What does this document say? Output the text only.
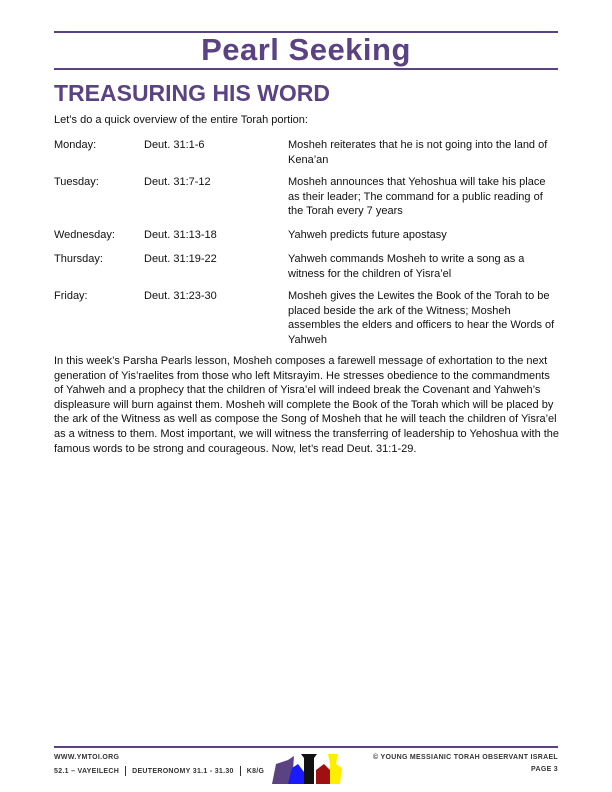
Pearl Seeking
TREASURING HIS WORD
Let’s do a quick overview of the entire Torah portion:
Monday:	Deut. 31:1-6	Mosheh reiterates that he is not going into the land of Kena’an
Tuesday:	Deut. 31:7-12	Mosheh announces that Yehoshua will take his place as their leader; The command for a public reading of the Torah every 7 years
Wednesday:	Deut. 31:13-18	Yahweh predicts future apostasy
Thursday:	Deut. 31:19-22	Yahweh commands Mosheh to write a song as a witness for the children of Yisra’el
Friday:	Deut. 31:23-30	Mosheh gives the Lewites the Book of the Torah to be placed beside the ark of the Witness; Mosheh assembles the elders and officers to hear the Words of Yahweh
In this week’s Parsha Pearls lesson, Mosheh composes a farewell message of exhortation to the next generation of Yis’raelites from those who left Mitsrayim. He stresses obedience to the commandments of Yahweh and a prophecy that the children of Yisra’el will indeed break the Covenant and Yahweh’s displeasure will burn against them. Mosheh will complete the Book of the Torah which will be placed by the ark of the Witness as well as compose the Song of Mosheh that he will teach the children of Yisra’el as a witness to them. Most important, we will witness the transferring of leadership to Yehoshua with the famous words to be strong and courageous. Now, let’s read Deut. 31:1-29.
WWW.YMTOI.ORG
52.1 – VAYEILECH DEUTERONOMY 31.1 - 31.30 K8/G
© YOUNG MESSIANIC TORAH OBSERVANT ISRAEL
PAGE 3
